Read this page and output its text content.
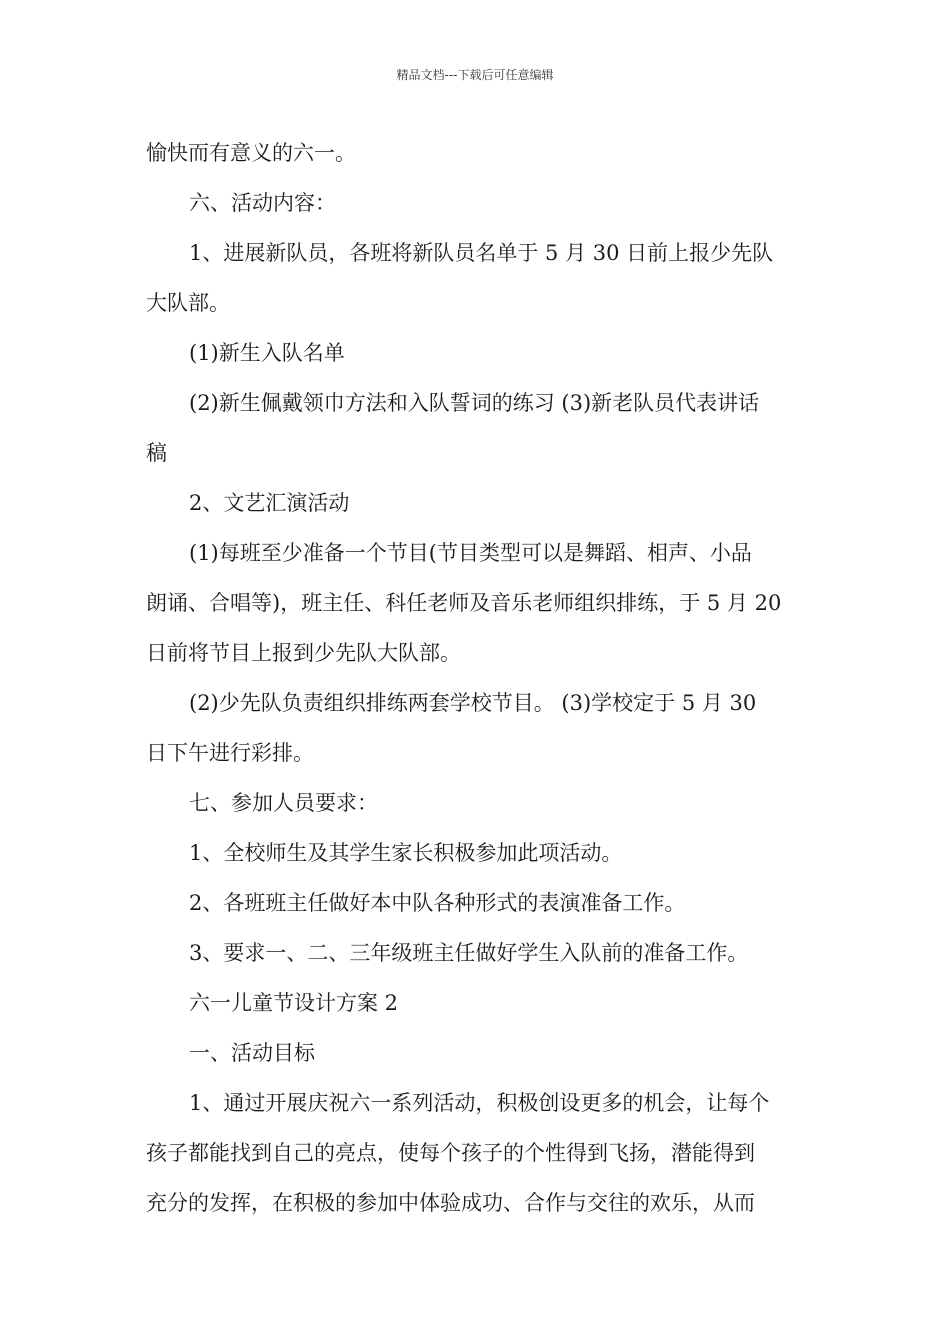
精品文档---下载后可任意编辑

愉快而有意义的六一。

六、活动内容：

1、进展新队员，各班将新队员名单于 5 月 30 日前上报少先队

大队部。

(1)新生入队名单

(2)新生佩戴领巾方法和入队誓词的练习 (3)新老队员代表讲话

稿

2、文艺汇演活动

(1)每班至少准备一个节目(节目类型可以是舞蹈、相声、小品

朗诵、合唱等)，班主任、科任老师及音乐老师组织排练，于 5 月 20

日前将节目上报到少先队大队部。

(2)少先队负责组织排练两套学校节目。 (3)学校定于 5 月 30

日下午进行彩排。

七、参加人员要求：

1、全校师生及其学生家长积极参加此项活动。

2、各班班主任做好本中队各种形式的表演准备工作。

3、要求一、二、三年级班主任做好学生入队前的准备工作。

六一儿童节设计方案 2

一、活动目标

1、通过开展庆祝六一系列活动，积极创设更多的机会，让每个

孩子都能找到自己的亮点，使每个孩子的个性得到飞扬，潜能得到

充分的发挥，在积极的参加中体验成功、合作与交往的欢乐，从而
